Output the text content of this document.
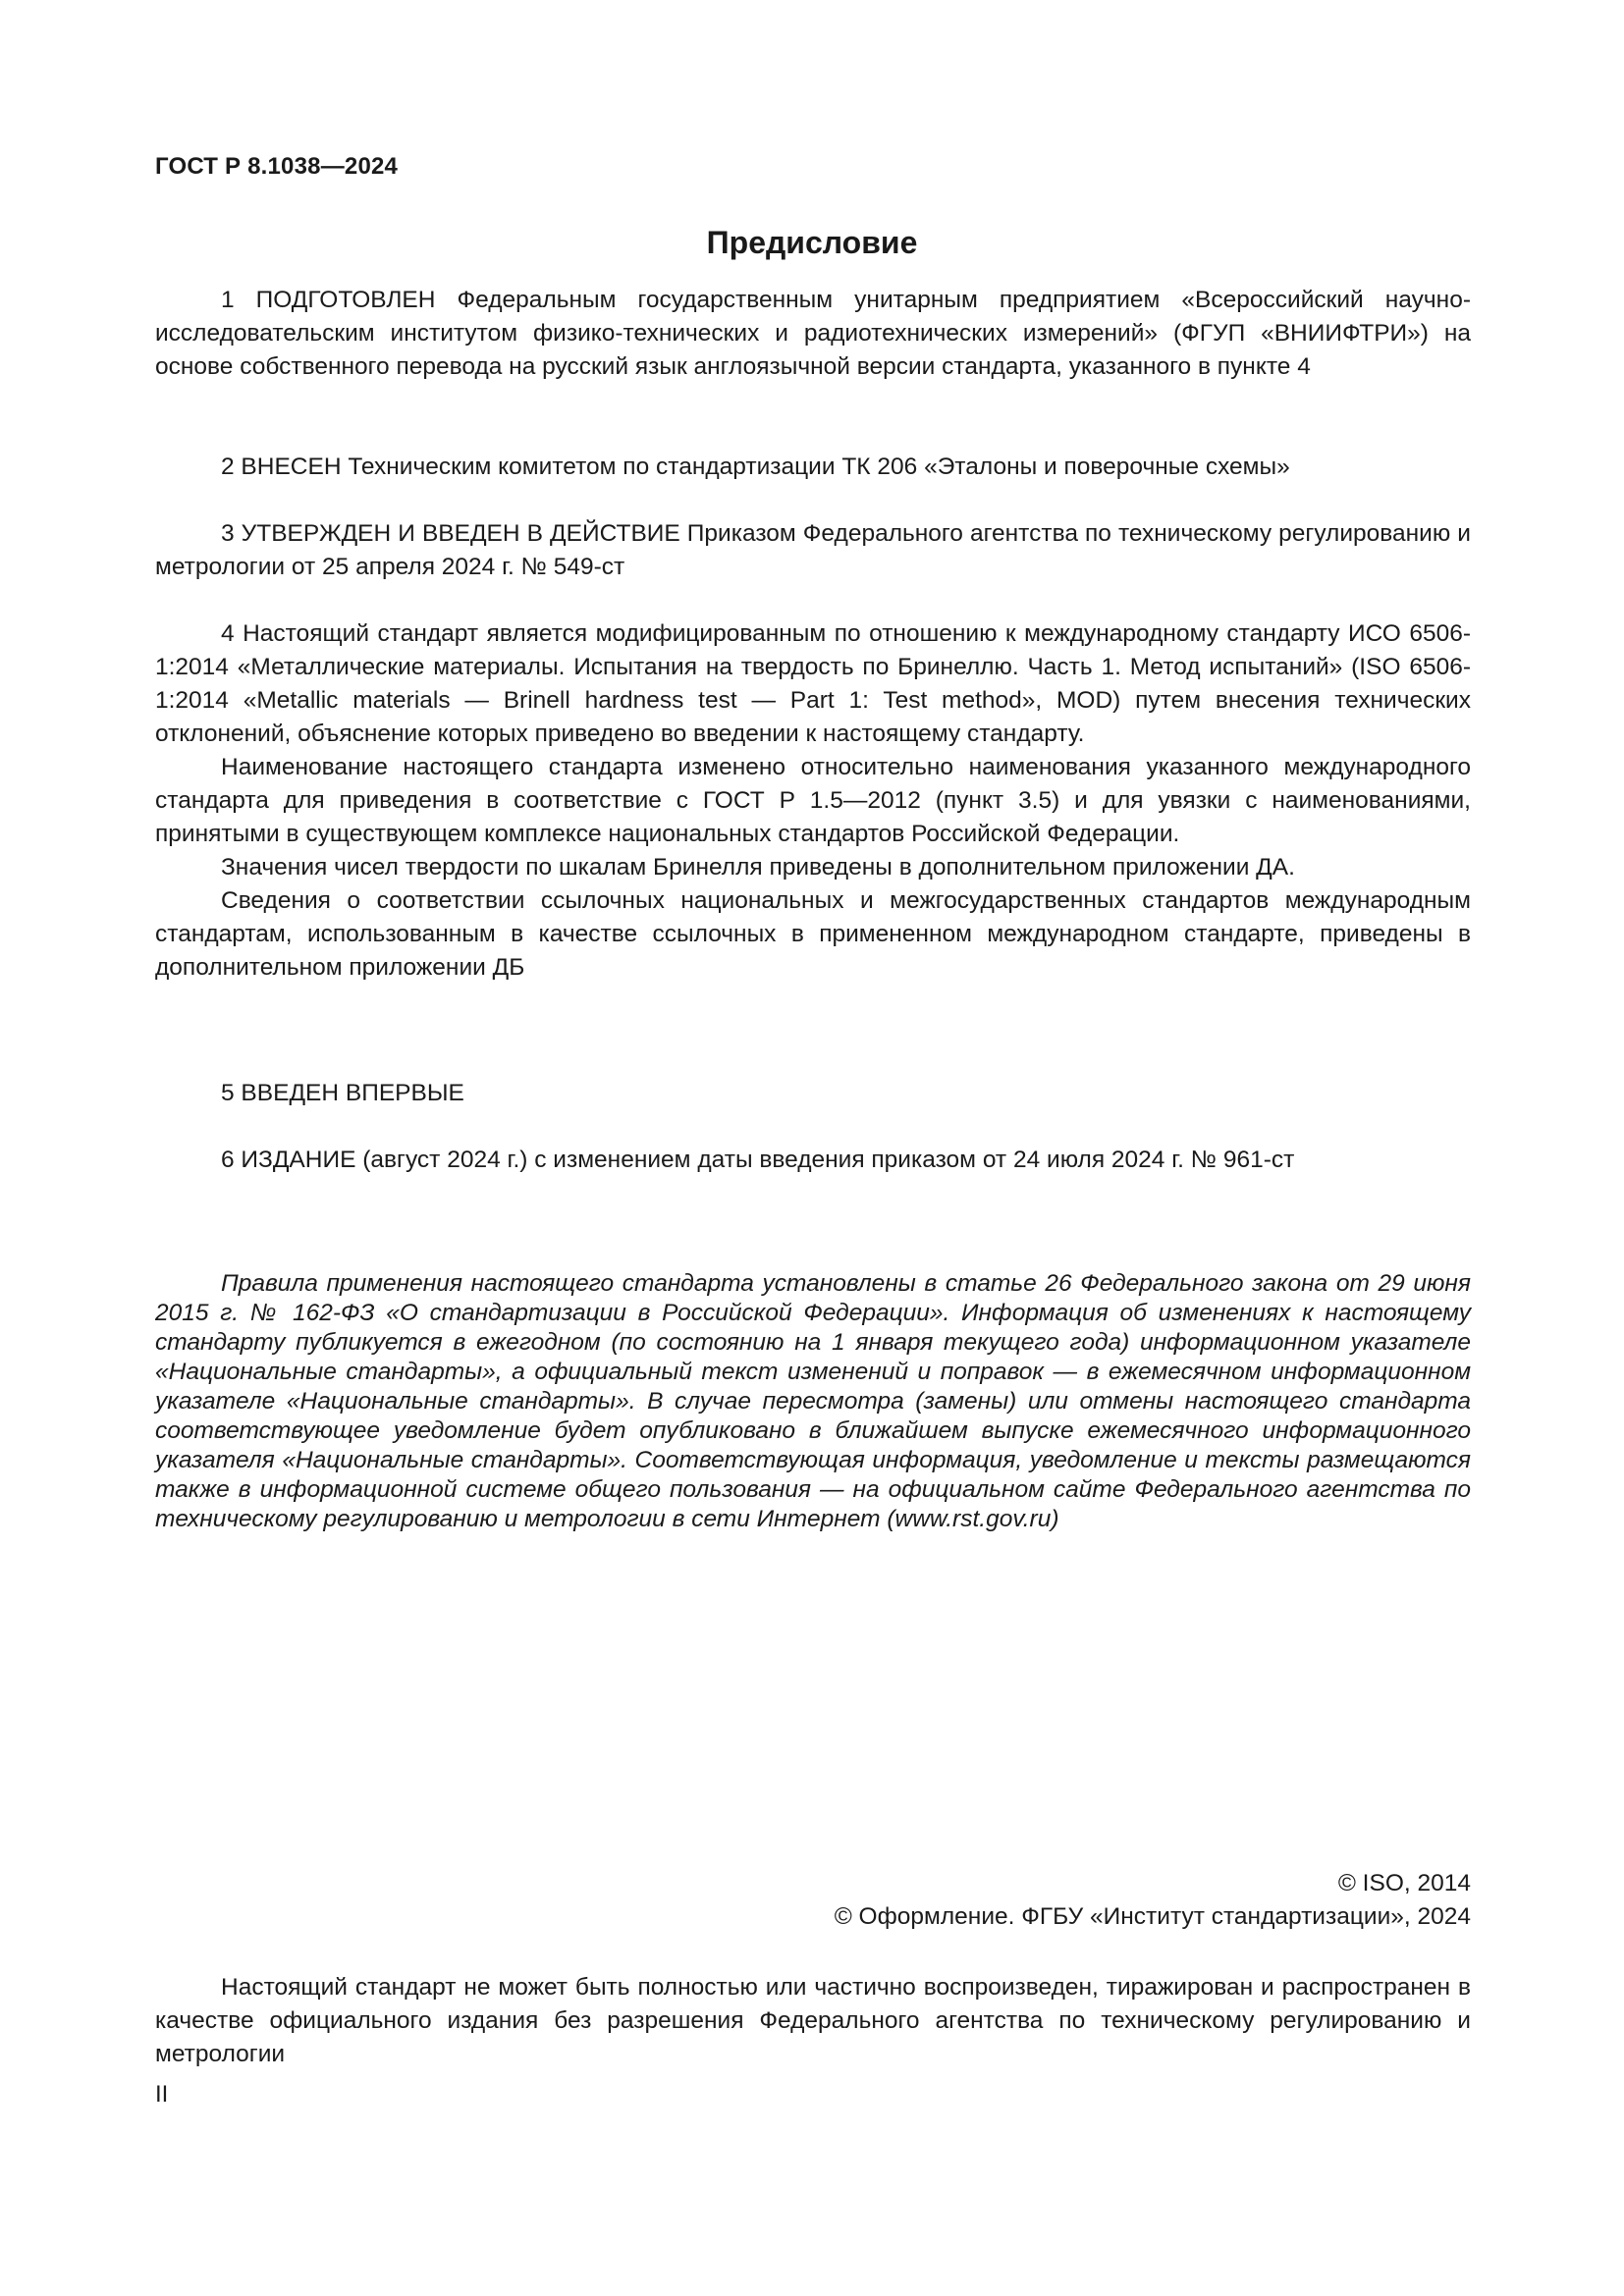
ГОСТ Р 8.1038—2024
Предисловие

1 ПОДГОТОВЛЕН Федеральным государственным унитарным предприятием «Всероссийский научно-исследовательским институтом физико-технических и радиотехнических измерений» (ФГУП «ВНИИФТРИ») на основе собственного перевода на русский язык англоязычной версии стандарта, указанного в пункте 4

2 ВНЕСЕН Техническим комитетом по стандартизации ТК 206 «Эталоны и поверочные схемы»

3 УТВЕРЖДЕН И ВВЕДЕН В ДЕЙСТВИЕ Приказом Федерального агентства по техническому регулированию и метрологии от 25 апреля 2024 г. № 549-ст

4 Настоящий стандарт является модифицированным по отношению к международному стандарту ИСО 6506-1:2014 «Металлические материалы. Испытания на твердость по Бринеллю. Часть 1. Метод испытаний» (ISO 6506-1:2014 «Metallic materials — Brinell hardness test — Part 1: Test method», MOD) путем внесения технических отклонений, объяснение которых приведено во введении к настоящему стандарту.

Наименование настоящего стандарта изменено относительно наименования указанного международного стандарта для приведения в соответствие с ГОСТ Р 1.5—2012 (пункт 3.5) и для увязки с наименованиями, принятыми в существующем комплексе национальных стандартов Российской Федерации.

Значения чисел твердости по шкалам Бринелля приведены в дополнительном приложении ДА.

Сведения о соответствии ссылочных национальных и межгосударственных стандартов международным стандартам, использованным в качестве ссылочных в примененном международном стандарте, приведены в дополнительном приложении ДБ

5 ВВЕДЕН ВПЕРВЫЕ

6 ИЗДАНИЕ (август 2024 г.) с изменением даты введения приказом от 24 июля 2024 г. № 961-ст

Правила применения настоящего стандарта установлены в статье 26 Федерального закона от 29 июня 2015 г. № 162-ФЗ «О стандартизации в Российской Федерации». Информация об изменениях к настоящему стандарту публикуется в ежегодном (по состоянию на 1 января текущего года) информационном указателе «Национальные стандарты», а официальный текст изменений и поправок — в ежемесячном информационном указателе «Национальные стандарты». В случае пересмотра (замены) или отмены настоящего стандарта соответствующее уведомление будет опубликовано в ближайшем выпуске ежемесячного информационного указателя «Национальные стандарты». Соответствующая информация, уведомление и тексты размещаются также в информационной системе общего пользования — на официальном сайте Федерального агентства по техническому регулированию и метрологии в сети Интернет (www.rst.gov.ru)
© ISO, 2014
© Оформление. ФГБУ «Институт стандартизации», 2024
Настоящий стандарт не может быть полностью или частично воспроизведен, тиражирован и распространен в качестве официального издания без разрешения Федерального агентства по техническому регулированию и метрологии
II
